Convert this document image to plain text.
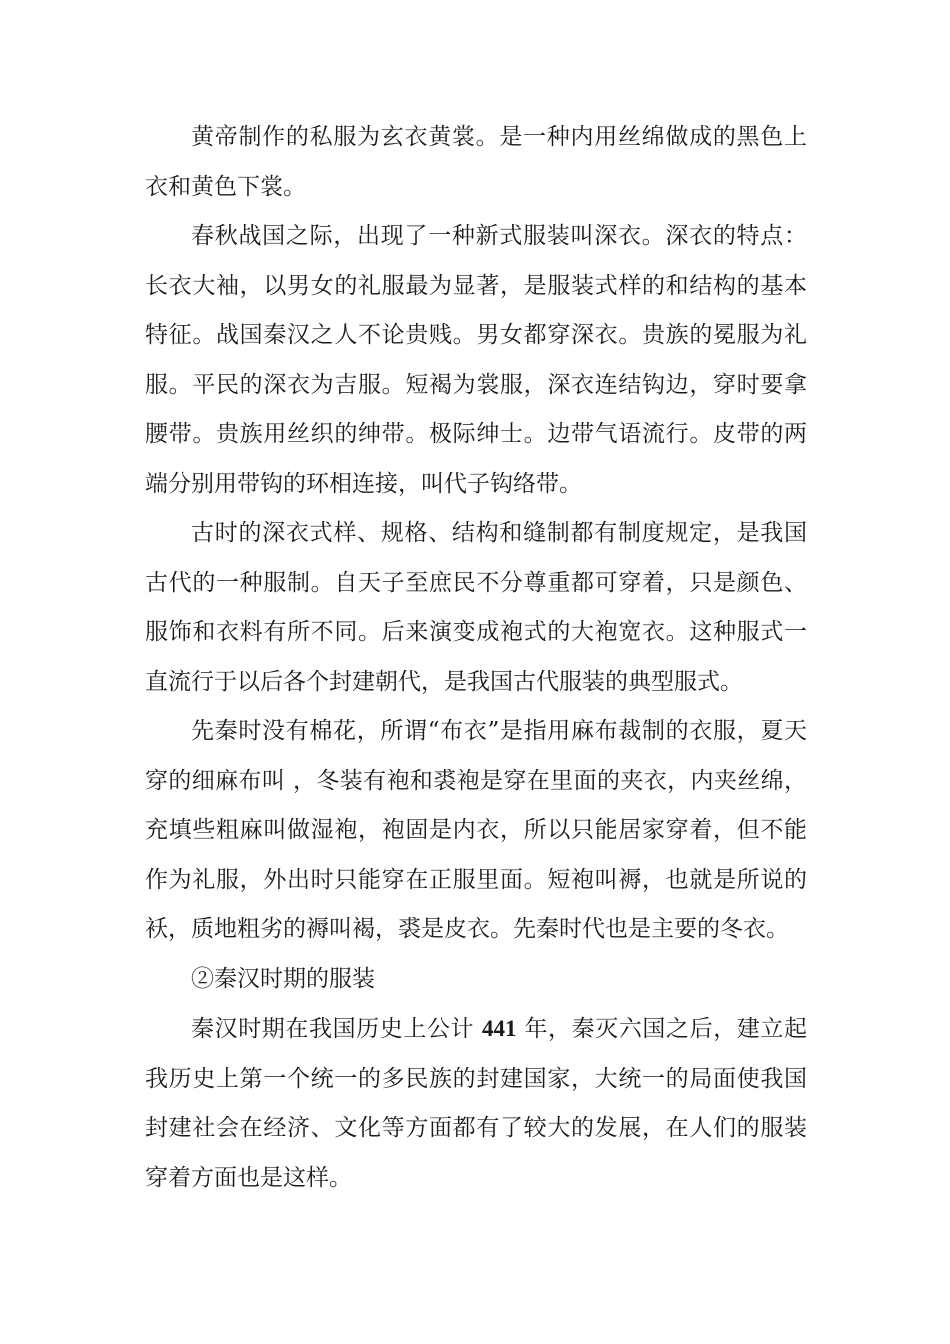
黄帝制作的私服为玄衣黄裳。是一种内用丝绵做成的黑色上衣和黄色下裳。

春秋战国之际，出现了一种新式服装叫深衣。深衣的特点：长衣大袖，以男女的礼服最为显著，是服装式样的和结构的基本特征。战国秦汉之人不论贵贱。男女都穿深衣。贵族的冕服为礼服。平民的深衣为吉服。短褐为裳服，深衣连结钩边，穿时要拿腰带。贵族用丝织的绅带。极际绅士。边带气语流行。皮带的两端分别用带钩的环相连接，叫代子钩络带。

古时的深衣式样、规格、结构和缝制都有制度规定，是我国古代的一种服制。自天子至庶民不分尊重都可穿着，只是颜色、服饰和衣料有所不同。后来演变成袍式的大袍宽衣。这种服式一直流行于以后各个封建朝代，是我国古代服装的典型服式。

先秦时没有棉花，所谓“布衣”是指用麻布裁制的衣服，夏天穿的细麻布叫 ，冬装有袍和裘袍是穿在里面的夹衣，内夹丝绵，充填些粗麻叫做湿袍，袍固是内衣，所以只能居家穿着，但不能作为礼服，外出时只能穿在正服里面。短袍叫褥，也就是所说的袄，质地粗劣的褥叫褐，裘是皮衣。先秦时代也是主要的冬衣。

②秦汉时期的服装

秦汉时期在我国历史上公计 441 年，秦灭六国之后，建立起我历史上第一个统一的多民族的封建国家，大统一的局面使我国封建社会在经济、文化等方面都有了较大的发展，在人们的服装穿着方面也是这样。
